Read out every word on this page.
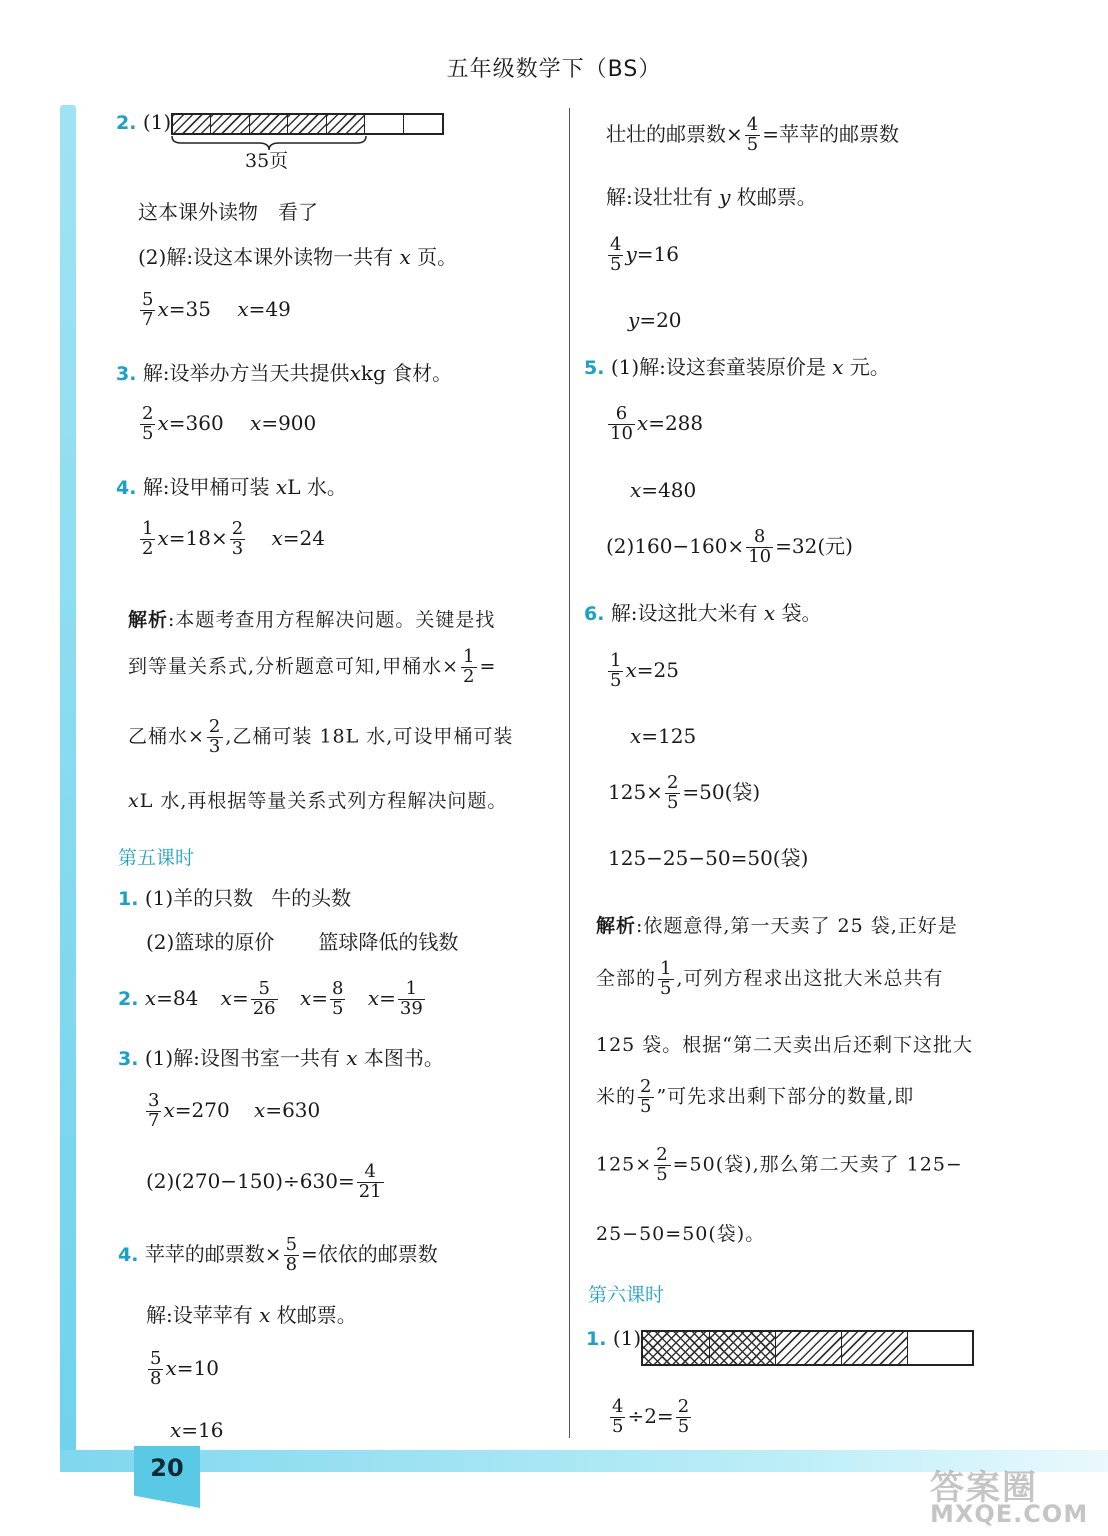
五年级数学下（BS）
20
2. (1)
35页
这本课外读物 看了
(2)解:设这本课外读物一共有 x 页。
$\frac{5}{7} x=35$ x=49
3. 解:设举办方当天共提供xkg 食材。
$\frac{2}{5} x=360$ x=900
4. 解:设甲桶可装 xL 水。
$\frac{1}{2} x=18\times \frac{2}{3} x=24$
解析:本题考查用方程解决问题。关键是找
到等量关系式,分析题意可知,甲桶水× $\frac{1}{2}$ =
乙桶水× $\frac{2}{3}$ ,乙桶可装 18L 水,可设甲桶可装
xL 水,再根据等量关系式列方程解决问题。
第五课时
1. (1)羊的只数 牛的头数
(2)篮球的原价 篮球降低的钱数
2. x=84 $x= \frac{5}{26} x= \frac{8}{5} x= \frac{1}{39}$
3. (1)解:设图书室一共有 x 本图书。
$\frac{3}{7} x=270$ x=630
$(2)(270-150)\div 630= \frac{4}{21}$
4. 苹苹的邮票数× $\frac{5}{8}$ =依依的邮票数
解:设苹苹有 x 枚邮票。
$\frac{5}{8} x=10$
x=16
壮壮的邮票数× $\frac{4}{5}$ =苹苹的邮票数
解:设壮壮有 y 枚邮票。
$\frac{4}{5} y=16$
y=20
5. (1)解:设这套童装原价是 x 元。
$\frac{6}{10} x=288$
x=480
$(2)160-160\times \frac{8}{10} =32$(元)
6. 解:设这批大米有 x 袋。
$\frac{1}{5} x=25$
x=125
$125\times \frac{2}{5} =50$(袋)
125−25−50=50(袋)
解析:依题意得,第一天卖了 25 袋,正好是
全部的 $\frac{1}{5}$ ,可列方程求出这批大米总共有
125 袋。根据“第二天卖出后还剩下这批大
米的 $\frac{2}{5}$ ”可先求出剩下部分的数量,即
$125\times \frac{2}{5} =50$(袋),那么第二天卖了 125−
25−50=50(袋)。
第六课时
1. (1)
$\frac{4}{5} \div 2= \frac{2}{5}$
答案圈
MXQE.COM
